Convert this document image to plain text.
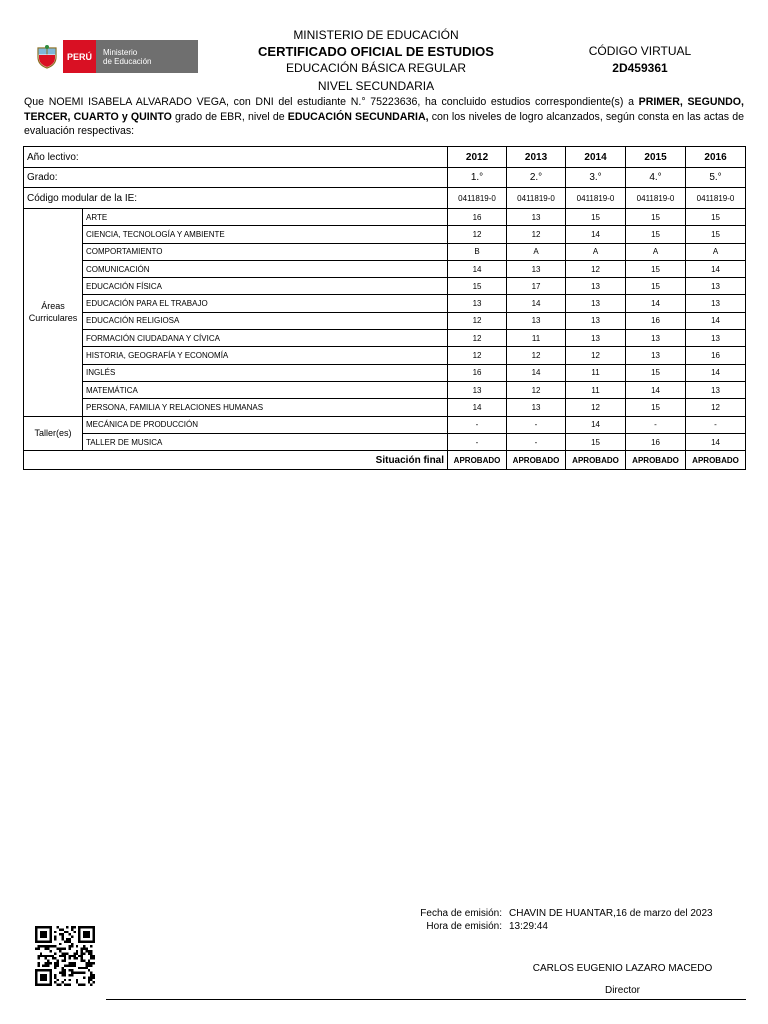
PERÚ	Ministerio
de Educación
MINISTERIO DE EDUCACIÓN
CERTIFICADO OFICIAL DE ESTUDIOS
EDUCACIÓN BÁSICA REGULAR
NIVEL SECUNDARIA
CÓDIGO VIRTUAL
2D459361
Que NOEMI ISABELA ALVARADO VEGA, con DNI del estudiante N.° 75223636, ha concluido estudios correspondiente(s) a PRIMER, SEGUNDO, TERCER, CUARTO y QUINTO grado de EBR, nivel de EDUCACIÓN SECUNDARIA, con los niveles de logro alcanzados, según consta en las actas de evaluación respectivas:
Año lectivo:		2012	2013	2014	2015	2016
Grado:		1.°	2.°	3.°	4.°	5.°
Código modular de la IE:		0411819-0	0411819-0	0411819-0	0411819-0	0411819-0
Áreas
Curriculares	ARTE	16	13	15	15	15
	CIENCIA, TECNOLOGÍA Y AMBIENTE	12	12	14	15	15
	COMPORTAMIENTO	B	A	A	A	A
	COMUNICACIÓN	14	13	12	15	14
	EDUCACIÓN FÍSICA	15	17	13	15	13
	EDUCACIÓN PARA EL TRABAJO	13	14	13	14	13
	EDUCACIÓN RELIGIOSA	12	13	13	16	14
	FORMACIÓN CIUDADANA Y CÍVICA	12	11	13	13	13
	HISTORIA, GEOGRAFÍA Y ECONOMÍA	12	12	12	13	16
	INGLÉS	16	14	11	15	14
	MATEMÁTICA	13	12	11	14	13
	PERSONA, FAMILIA Y RELACIONES HUMANAS	14	13	12	15	12
Taller(es)	MECÁNICA DE PRODUCCIÓN	-	-	14	-	-
	TALLER DE MUSICA	-	-	15	16	14
Situación final		APROBADO	APROBADO	APROBADO	APROBADO	APROBADO
Fecha de emisión: CHAVIN DE HUANTAR,16 de marzo del 2023
Hora de emisión: 13:29:44
CARLOS EUGENIO LAZARO MACEDO
Director
